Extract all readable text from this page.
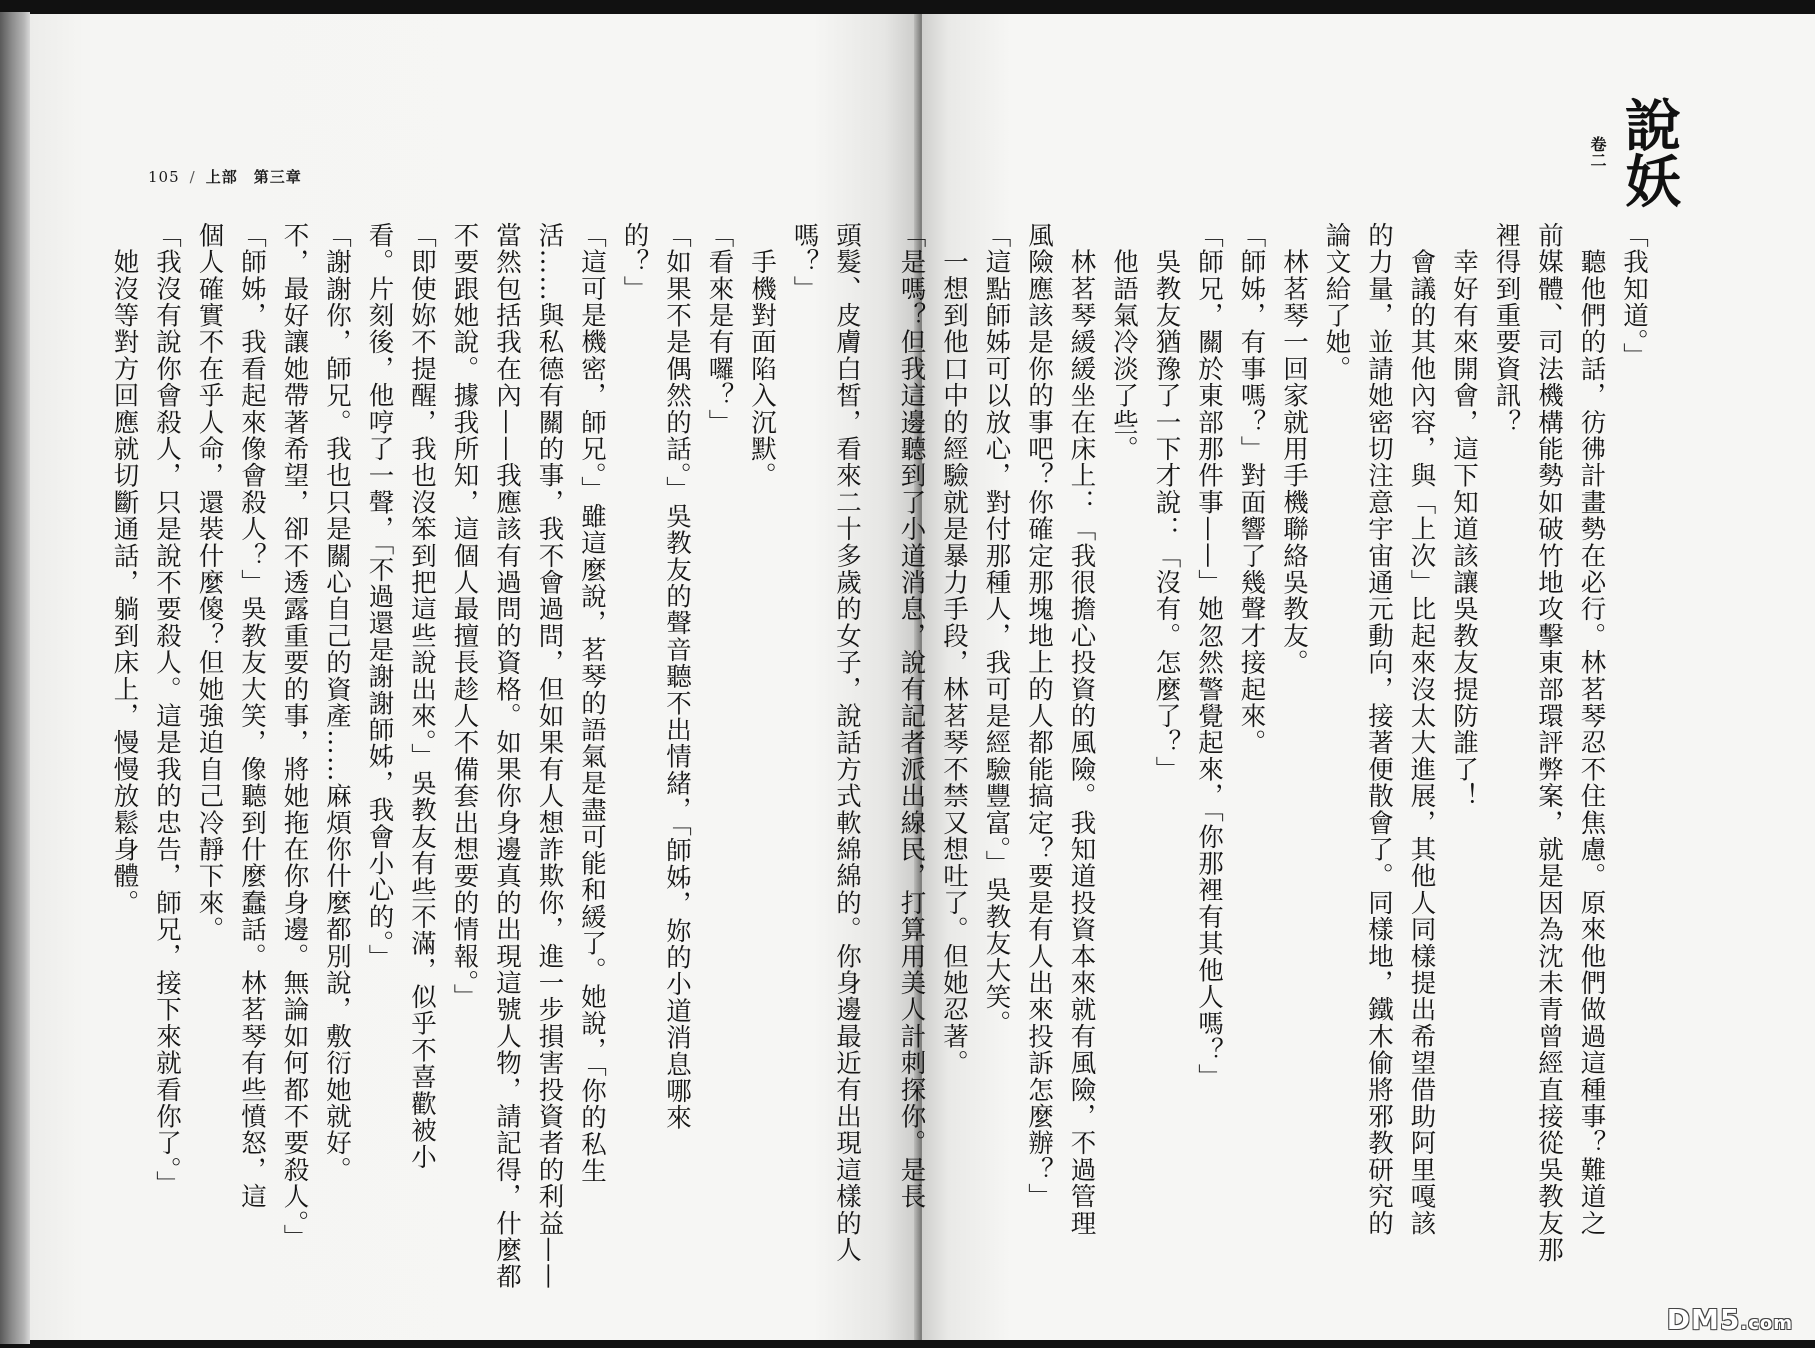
105 / 上部 第三章
頭髮、皮膚白皙，看來二十多歲的女子，說話方式軟綿綿的。你身邊最近有出現這樣的人
嗎？」
　手機對面陷入沉默。
「看來是有囉？」
「如果不是偶然的話。」吳教友的聲音聽不出情緒，「師姊，妳的小道消息哪來
的？」
「這可是機密，師兄。」雖這麼說，茗琴的語氣是盡可能和緩了。她說，「你的私生
活……與私德有關的事，我不會過問，但如果有人想詐欺你，進一步損害投資者的利益——
當然包括我在內——我應該有過問的資格。如果你身邊真的出現這號人物，請記得，什麼都
不要跟她說。據我所知，這個人最擅長趁人不備套出想要的情報。」
「即使妳不提醒，我也沒笨到把這些說出來。」吳教友有些不滿，似乎不喜歡被小
看。片刻後，他哼了一聲，「不過還是謝謝師姊，我會小心的。」
「謝謝你，師兄。我也只是關心自己的資產……麻煩你什麼都別說，敷衍她就好。
不，最好讓她帶著希望，卻不透露重要的事，將她拖在你身邊。無論如何都不要殺人。」
「師姊，我看起來像會殺人？」吳教友大笑，像聽到什麼蠢話。林茗琴有些憤怒，這
個人確實不在乎人命，還裝什麼傻？但她強迫自己冷靜下來。
「我沒有說你會殺人，只是說不要殺人。這是我的忠告，師兄，接下來就看你了。」
　她沒等對方回應就切斷通話，躺到床上，慢慢放鬆身體。	「我知道。」
　聽他們的話，彷彿計畫勢在必行。林茗琴忍不住焦慮。原來他們做過這種事？難道之
前媒體、司法機構能勢如破竹地攻擊東部環評弊案，就是因為沈未青曾經直接從吳教友那
裡得到重要資訊？
　幸好有來開會，這下知道該讓吳教友提防誰了！
　會議的其他內容，與「上次」比起來沒太大進展，其他人同樣提出希望借助阿里嘎該
的力量，並請她密切注意宇宙通元動向，接著便散會了。同樣地，鐵木偷將邪教研究的
論文給了她。
　林茗琴一回家就用手機聯絡吳教友。
「師姊，有事嗎？」對面響了幾聲才接起來。
「師兄，關於東部那件事——」她忽然警覺起來，「你那裡有其他人嗎？」
　吳教友猶豫了一下才說：「沒有。怎麼了？」
　他語氣冷淡了些。
　林茗琴緩緩坐在床上：「我很擔心投資的風險。我知道投資本來就有風險，不過管理
風險應該是你的事吧？你確定那塊地上的人都能搞定？要是有人出來投訴怎麼辦？」
「這點師姊可以放心，對付那種人，我可是經驗豐富。」吳教友大笑。
　一想到他口中的經驗就是暴力手段，林茗琴不禁又想吐了。但她忍著。
「是嗎？但我這邊聽到了小道消息，說有記者派出線民，打算用美人計刺探你。是長
說妖
卷二
DM5.com
